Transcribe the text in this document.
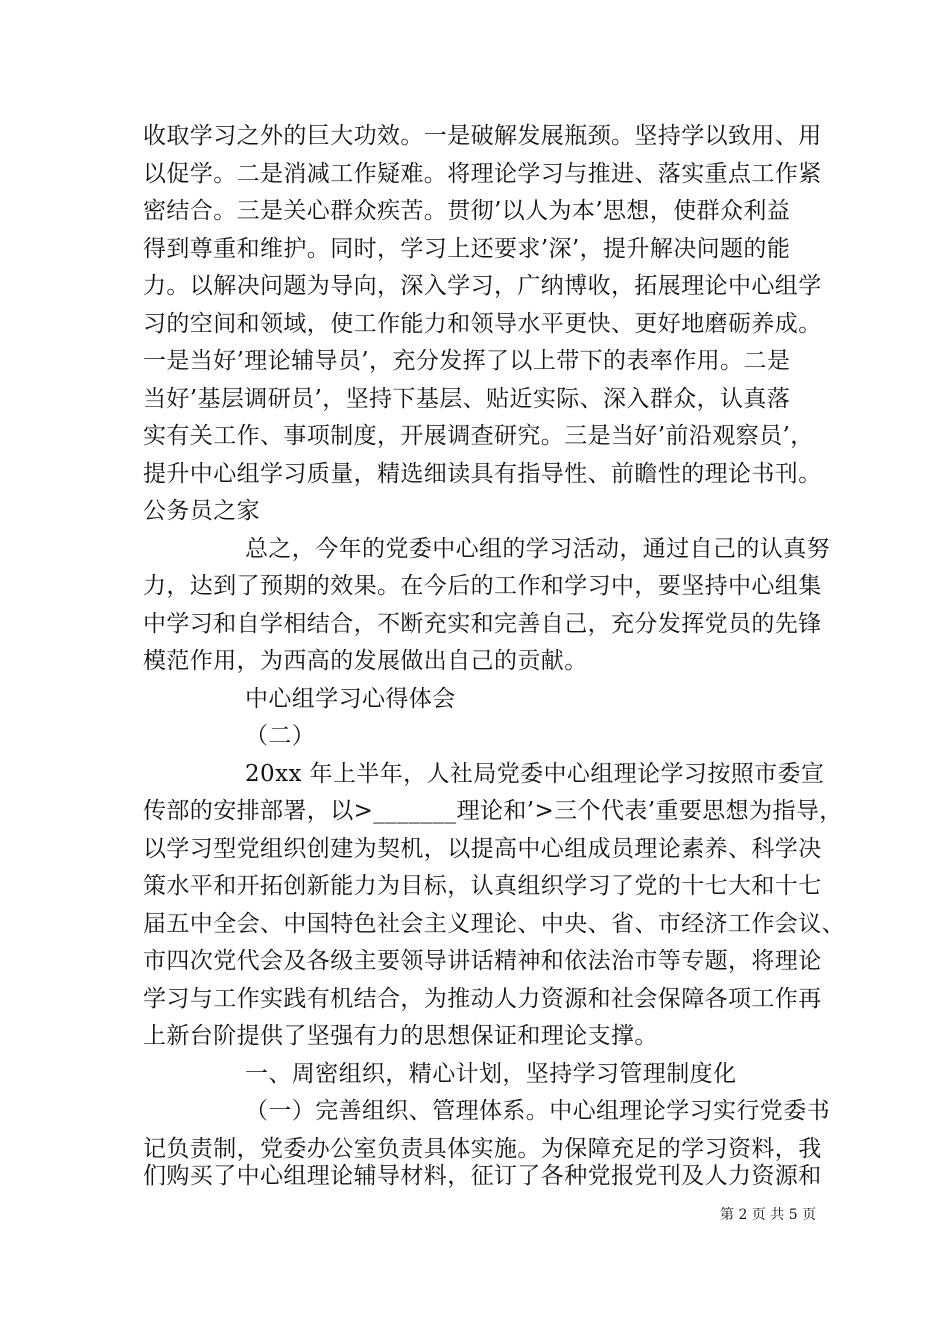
收取学习之外的巨大功效。一是破解发展瓶颈。坚持学以致用、用
以促学。二是消减工作疑难。将理论学习与推进、落实重点工作紧
密结合。三是关心群众疾苦。贯彻’以人为本’思想，使群众利益
得到尊重和维护。同时，学习上还要求’深’，提升解决问题的能
力。以解决问题为导向，深入学习，广纳博收，拓展理论中心组学
习的空间和领域，使工作能力和领导水平更快、更好地磨砺养成。
一是当好’理论辅导员’，充分发挥了以上带下的表率作用。二是
当好’基层调研员’，坚持下基层、贴近实际、深入群众，认真落
实有关工作、事项制度，开展调查研究。三是当好’前沿观察员’，
提升中心组学习质量，精选细读具有指导性、前瞻性的理论书刊。
公务员之家
总之，今年的党委中心组的学习活动，通过自己的认真努
力，达到了预期的效果。在今后的工作和学习中，要坚持中心组集
中学习和自学相结合，不断充实和完善自己，充分发挥党员的先锋
模范作用，为西高的发展做出自己的贡献。
中心组学习心得体会
（二）
20xx 年上半年，人社局党委中心组理论学习按照市委宣
传部的安排部署，以>_______理论和’>三个代表’重要思想为指导，
以学习型党组织创建为契机，以提高中心组成员理论素养、科学决
策水平和开拓创新能力为目标，认真组织学习了党的十七大和十七
届五中全会、中国特色社会主义理论、中央、省、市经济工作会议、
市四次党代会及各级主要领导讲话精神和依法治市等专题，将理论
学习与工作实践有机结合，为推动人力资源和社会保障各项工作再
上新台阶提供了坚强有力的思想保证和理论支撑。
一、周密组织，精心计划，坚持学习管理制度化
（一）完善组织、管理体系。中心组理论学习实行党委书
记负责制，党委办公室负责具体实施。为保障充足的学习资料，我
们购买了中心组理论辅导材料，征订了各种党报党刊及人力资源和
第 2 页 共 5 页
